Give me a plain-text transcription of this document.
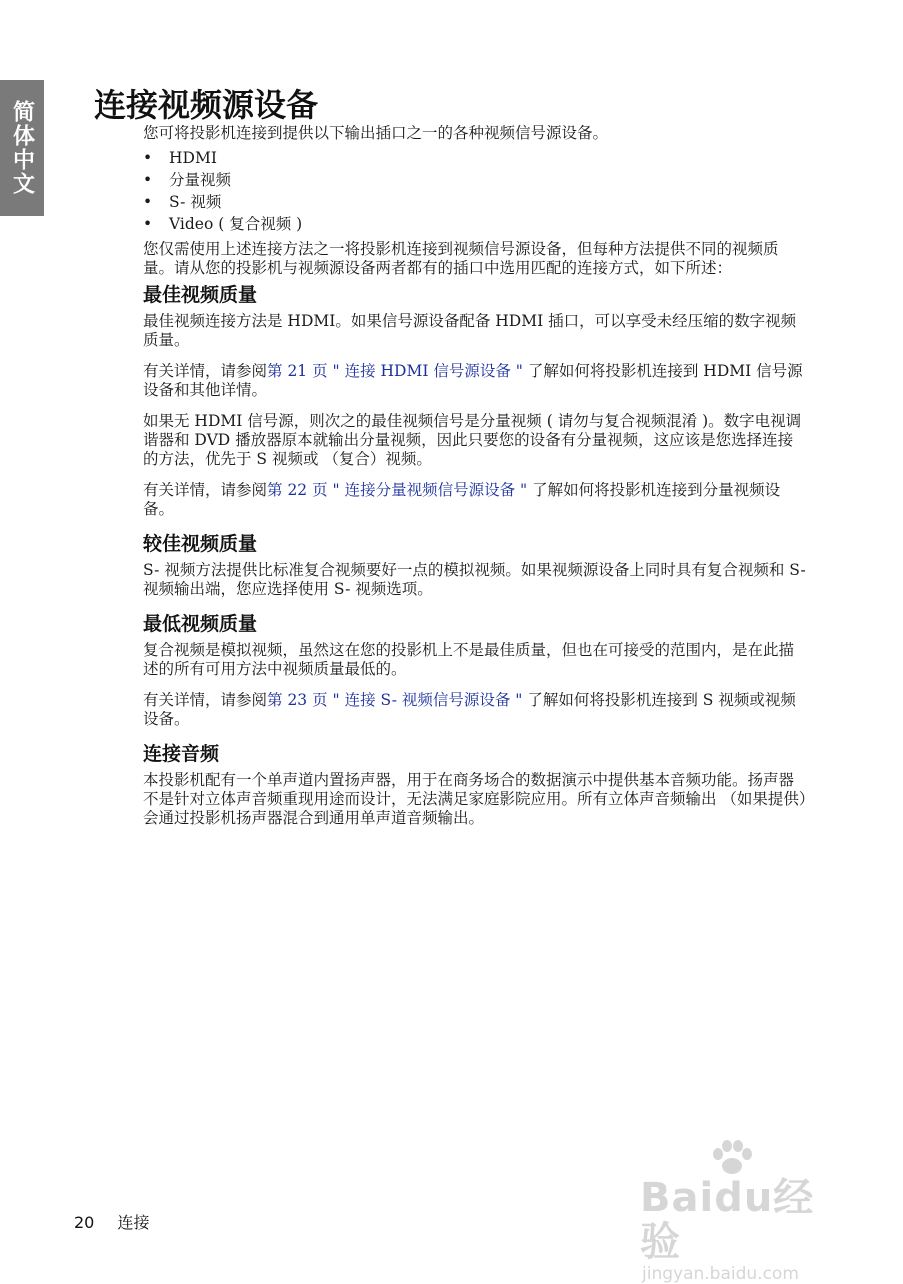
简体中文 连接视频源设备

您可将投影机连接到提供以下输出插口之一的各种视频信号源设备。

• HDMI
• 分量视频
• S- 视频
• Video ( 复合视频 )

您仅需使用上述连接方法之一将投影机连接到视频信号源设备，但每种方法提供不同的视频质量。请从您的投影机与视频源设备两者都有的插口中选用匹配的连接方式，如下所述：

最佳视频质量

最佳视频连接方法是 HDMI。如果信号源设备配备 HDMI 插口，可以享受未经压缩的数字视频质量。

有关详情，请参阅第 21 页 " 连接 HDMI 信号源设备 " 了解如何将投影机连接到 HDMI 信号源设备和其他详情。

如果无 HDMI 信号源，则次之的最佳视频信号是分量视频 ( 请勿与复合视频混淆 )。数字电视调谐器和 DVD 播放器原本就输出分量视频，因此只要您的设备有分量视频，这应该是您选择连接的方法，优先于 S 视频或 （复合）视频。

有关详情，请参阅第 22 页 " 连接分量视频信号源设备 " 了解如何将投影机连接到分量视频设备。

较佳视频质量

S- 视频方法提供比标准复合视频要好一点的模拟视频。如果视频源设备上同时具有复合视频和 S- 视频输出端，您应选择使用 S- 视频选项。

最低视频质量

复合视频是模拟视频，虽然这在您的投影机上不是最佳质量，但也在可接受的范围内，是在此描述的所有可用方法中视频质量最低的。

有关详情，请参阅第 23 页 " 连接 S- 视频信号源设备 " 了解如何将投影机连接到 S 视频或视频设备。

连接音频

本投影机配有一个单声道内置扬声器，用于在商务场合的数据演示中提供基本音频功能。扬声器不是针对立体声音频重现用途而设计，无法满足家庭影院应用。所有立体声音频输出 （如果提供）会通过投影机扬声器混合到通用单声道音频输出。

20 连接
Baidu经验
jingyan.baidu.com
